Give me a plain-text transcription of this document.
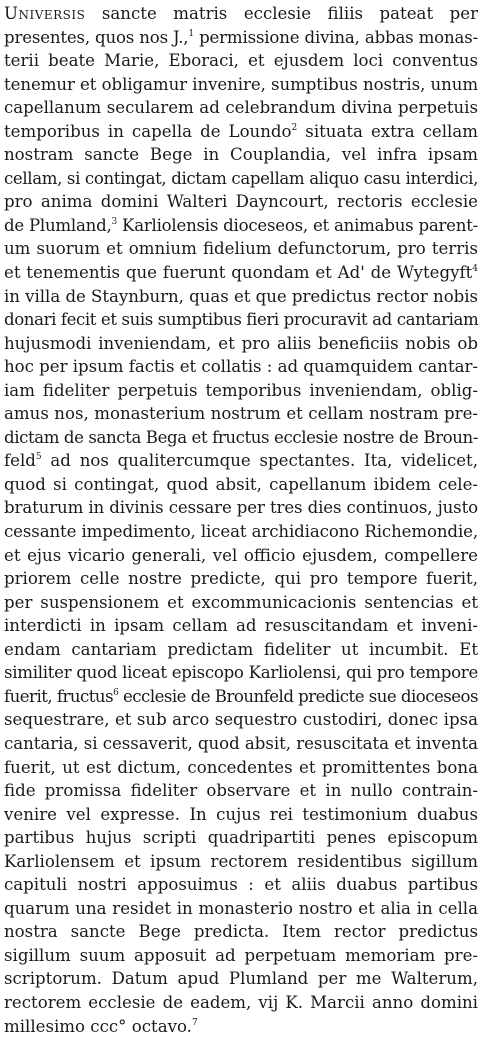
Universis sancte matris ecclesie filiis pateat per
presentes, quos nos J.,$^1$ permissione divina, abbas monas-
terii beate Marie, Eboraci, et ejusdem loci conventus
tenemur et obligamur invenire, sumptibus nostris, unum
capellanum secularem ad celebrandum divina perpetuis
temporibus in capella de Loundo$^2$ situata extra cellam
nostram sancte Bege in Couplandia, vel infra ipsam
cellam, si contingat, dictam capellam aliquo casu interdici,
pro anima domini Walteri Dayncourt, rectoris ecclesie
de Plumland,$^3$ Karliolensis dioceseos, et animabus parent-
um suorum et omnium fidelium defunctorum, pro terris
et tenementis que fuerunt quondam et Ad' de Wytegyft$^4$
in villa de Staynburn, quas et que predictus rector nobis
donari fecit et suis sumptibus fieri procuravit ad cantariam
hujusmodi inveniendam, et pro aliis beneficiis nobis ob
hoc per ipsum factis et collatis : ad quamquidem cantar-
iam fideliter perpetuis temporibus inveniendam, oblig-
amus nos, monasterium nostrum et cellam nostram pre-
dictam de sancta Bega et fructus ecclesie nostre de Broun-
feld$^5$ ad nos qualitercumque spectantes. Ita, videlicet,
quod si contingat, quod absit, capellanum ibidem cele-
braturum in divinis cessare per tres dies continuos, justo
cessante impedimento, liceat archidiacono Richemondie,
et ejus vicario generali, vel officio ejusdem, compellere
priorem celle nostre predicte, qui pro tempore fuerit,
per suspensionem et excommunicacionis sentencias et
interdicti in ipsam cellam ad resuscitandam et inveni-
endam cantariam predictam fideliter ut incumbit. Et
similiter quod liceat episcopo Karliolensi, qui pro tempore
fuerit, fructus$^6$ ecclesie de Brounfeld predicte sue dioceseos
sequestrare, et sub arco sequestro custodiri, donec ipsa
cantaria, si cessaverit, quod absit, resuscitata et inventa
fuerit, ut est dictum, concedentes et promittentes bona
fide promissa fideliter observare et in nullo contrain-
venire vel expresse. In cujus rei testimonium duabus
partibus hujus scripti quadripartiti penes episcopum
Karliolensem et ipsum rectorem residentibus sigillum
capituli nostri apposuimus : et aliis duabus partibus
quarum una residet in monasterio nostro et alia in cella
nostra sancte Bege predicta. Item rector predictus
sigillum suum apposuit ad perpetuam memoriam pre-
scriptorum. Datum apud Plumland per me Walterum,
rectorem ecclesie de eadem, vij K. Marcii anno domini
millesimo ccc° octavo.$^7$
